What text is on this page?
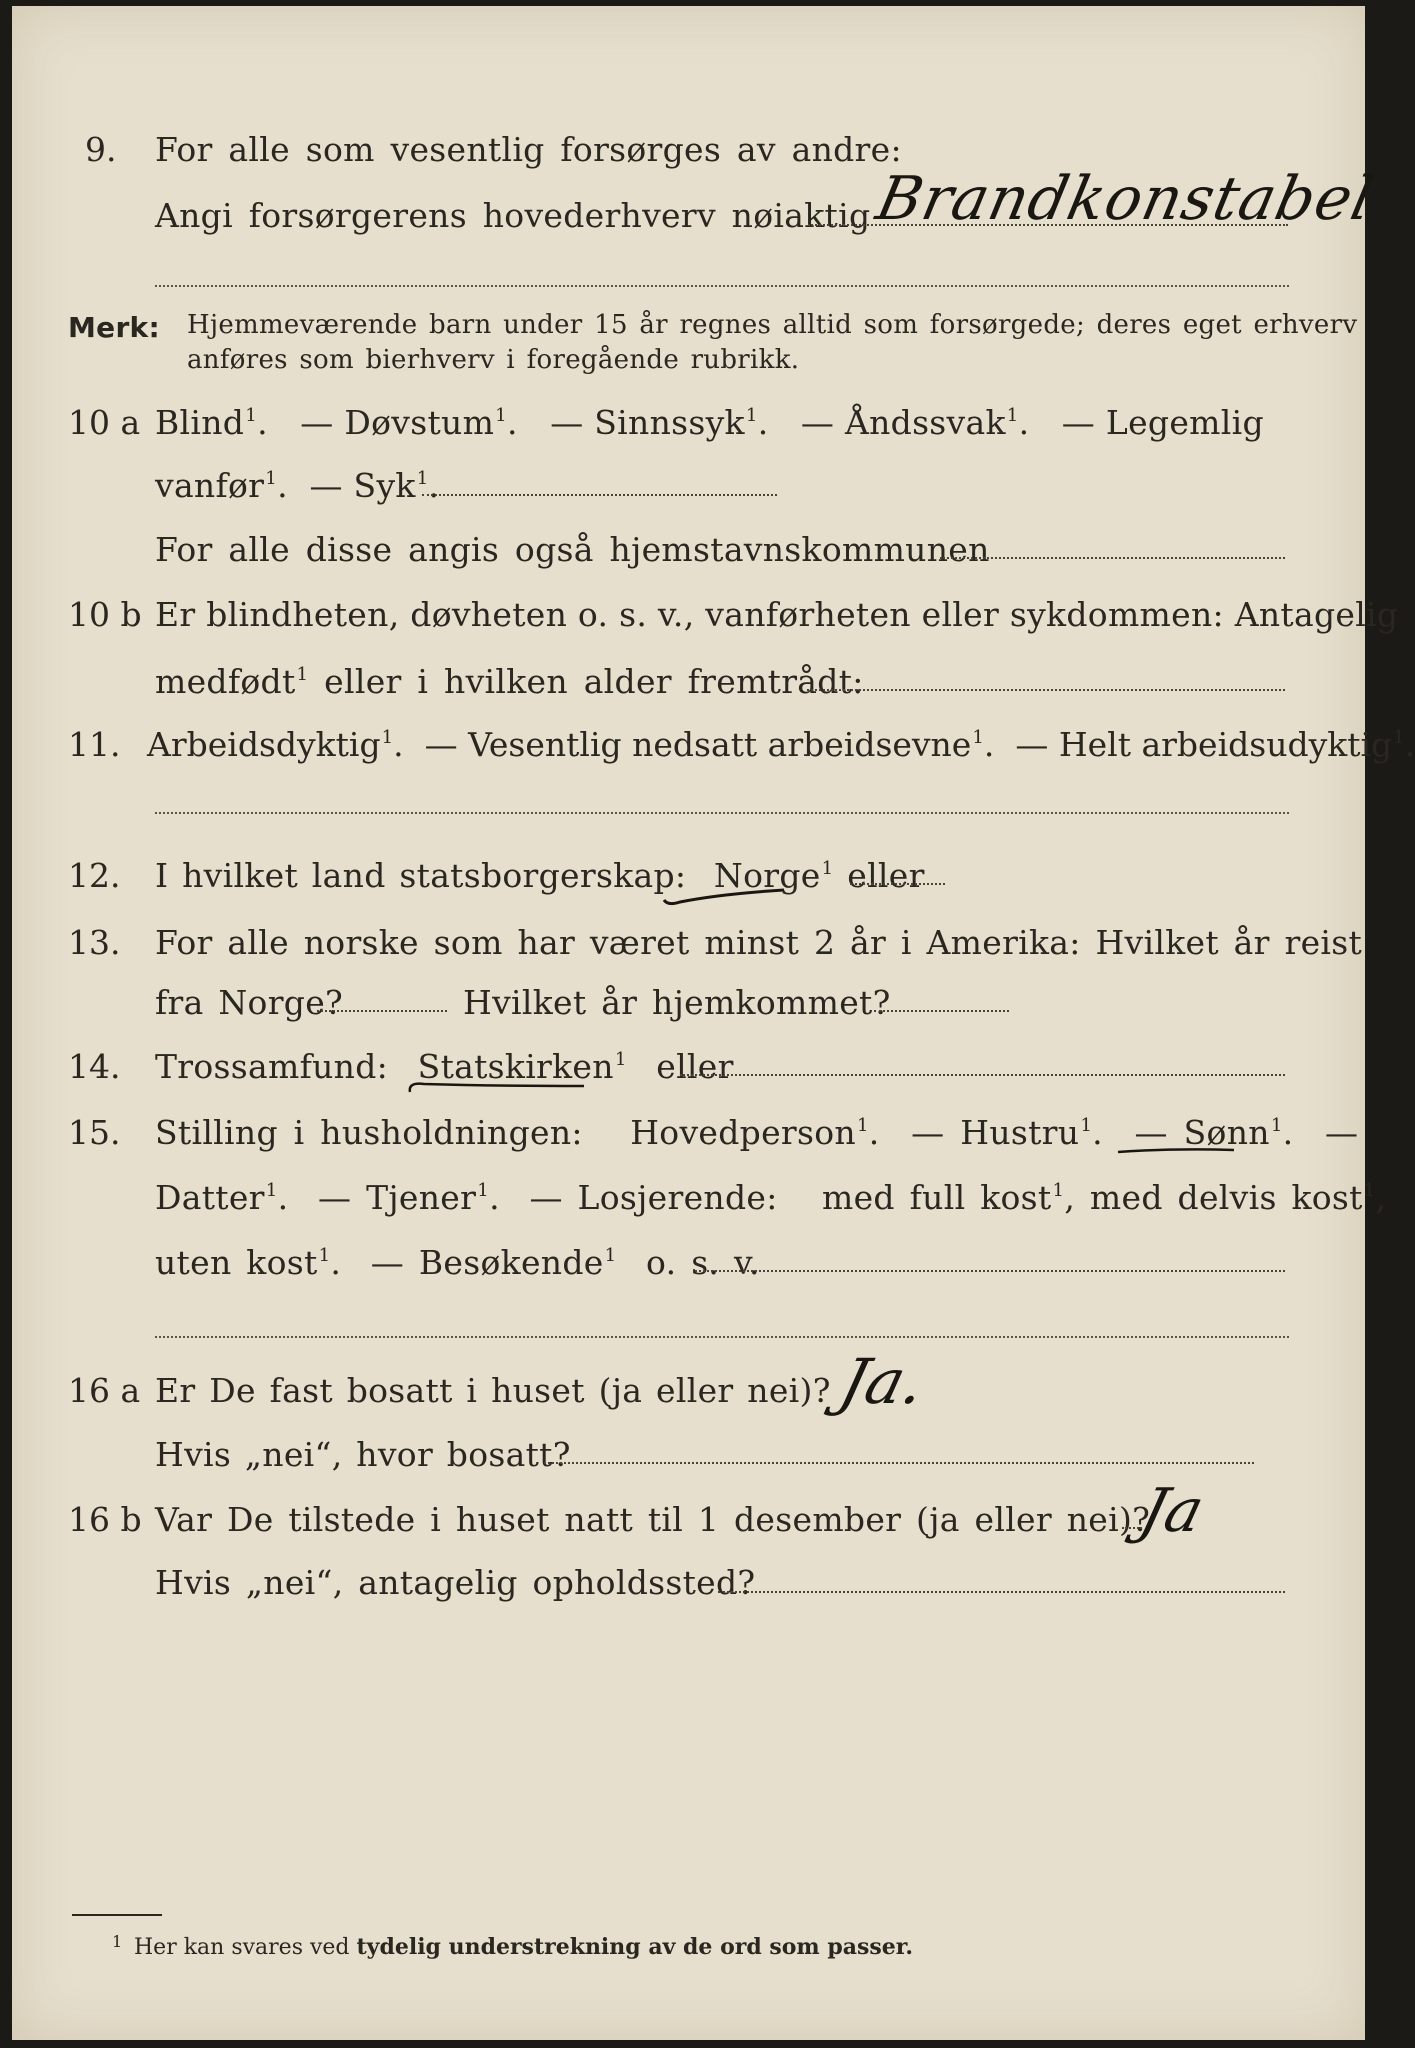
9. For alle som vesentlig forsørges av andre:
Angi forsørgerens hovederhverv nøiaktig Brandkonstabel
Merk: Hjemmeværende barn under 15 år regnes alltid som forsørgede; deres eget erhverv
anføres som bierhverv i foregående rubrikk.
10 a Blind$^1$.   — Døvstum$^1$.   — Sinnssyk$^1$.   — Åndssvak$^1$.   — Legemlig
vanfør$^1$.  — Syk$^1$.
For alle disse angis også hjemstavnskommunen
10 b Er blindheten, døvheten o. s. v., vanførheten eller sykdommen: Antagelig
medfødt$^1$ eller i hvilken alder fremtrådt:
11. Arbeidsdyktig$^1$.  — Vesentlig nedsatt arbeidsevne$^1$.  — Helt arbeidsudyktig$^1$.
12. I hvilket land statsborgerskap: Norge$^1$ eller
13. For alle norske som har været minst 2 år i Amerika: Hvilket år reist
fra Norge?	Hvilket år hjemkommet?
14. Trossamfund: Statskirken$^1$ eller
15. Stilling i husholdningen: Hovedperson$^1$.  — Hustru$^1$.  — Sønn$^1$.  —
Datter$^1$.  — Tjener$^1$.  — Losjerende: med full kost$^1$, med delvis kost$^1$,
uten kost$^1$.  — Besøkende$^1$ o. s. v.
16 a Er De fast bosatt i huset (ja eller nei)? Ja.
Hvis „nei“, hvor bosatt?
16 b Var De tilstede i huset natt til 1 desember (ja eller nei)?
Ja
Hvis „nei“, antagelig opholdssted?
1 Her kan svares ved tydelig understrekning av de ord som passer.
